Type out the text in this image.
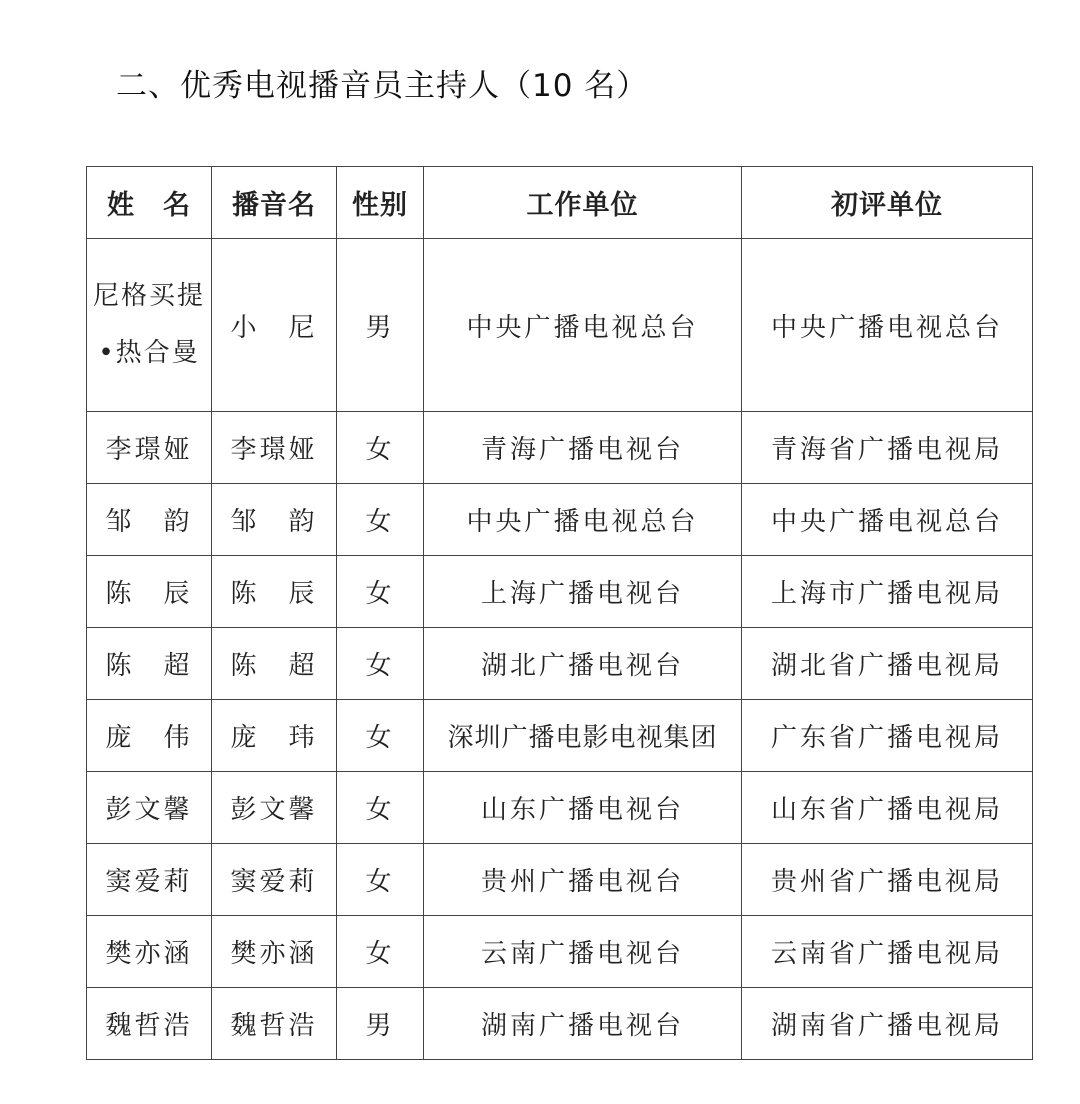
二、优秀电视播音员主持人（10 名）
姓　名	播音名	性别	工作单位	初评单位
尼格买提•热合曼	小　尼	男	中央广播电视总台	中央广播电视总台
李璟娅	李璟娅	女	青海广播电视台	青海省广播电视局
邹　韵	邹　韵	女	中央广播电视总台	中央广播电视总台
陈　辰	陈　辰	女	上海广播电视台	上海市广播电视局
陈　超	陈　超	女	湖北广播电视台	湖北省广播电视局
庞　伟	庞　玮	女	深圳广播电影电视集团	广东省广播电视局
彭文馨	彭文馨	女	山东广播电视台	山东省广播电视局
窦爱莉	窦爱莉	女	贵州广播电视台	贵州省广播电视局
樊亦涵	樊亦涵	女	云南广播电视台	云南省广播电视局
魏哲浩	魏哲浩	男	湖南广播电视台	湖南省广播电视局
